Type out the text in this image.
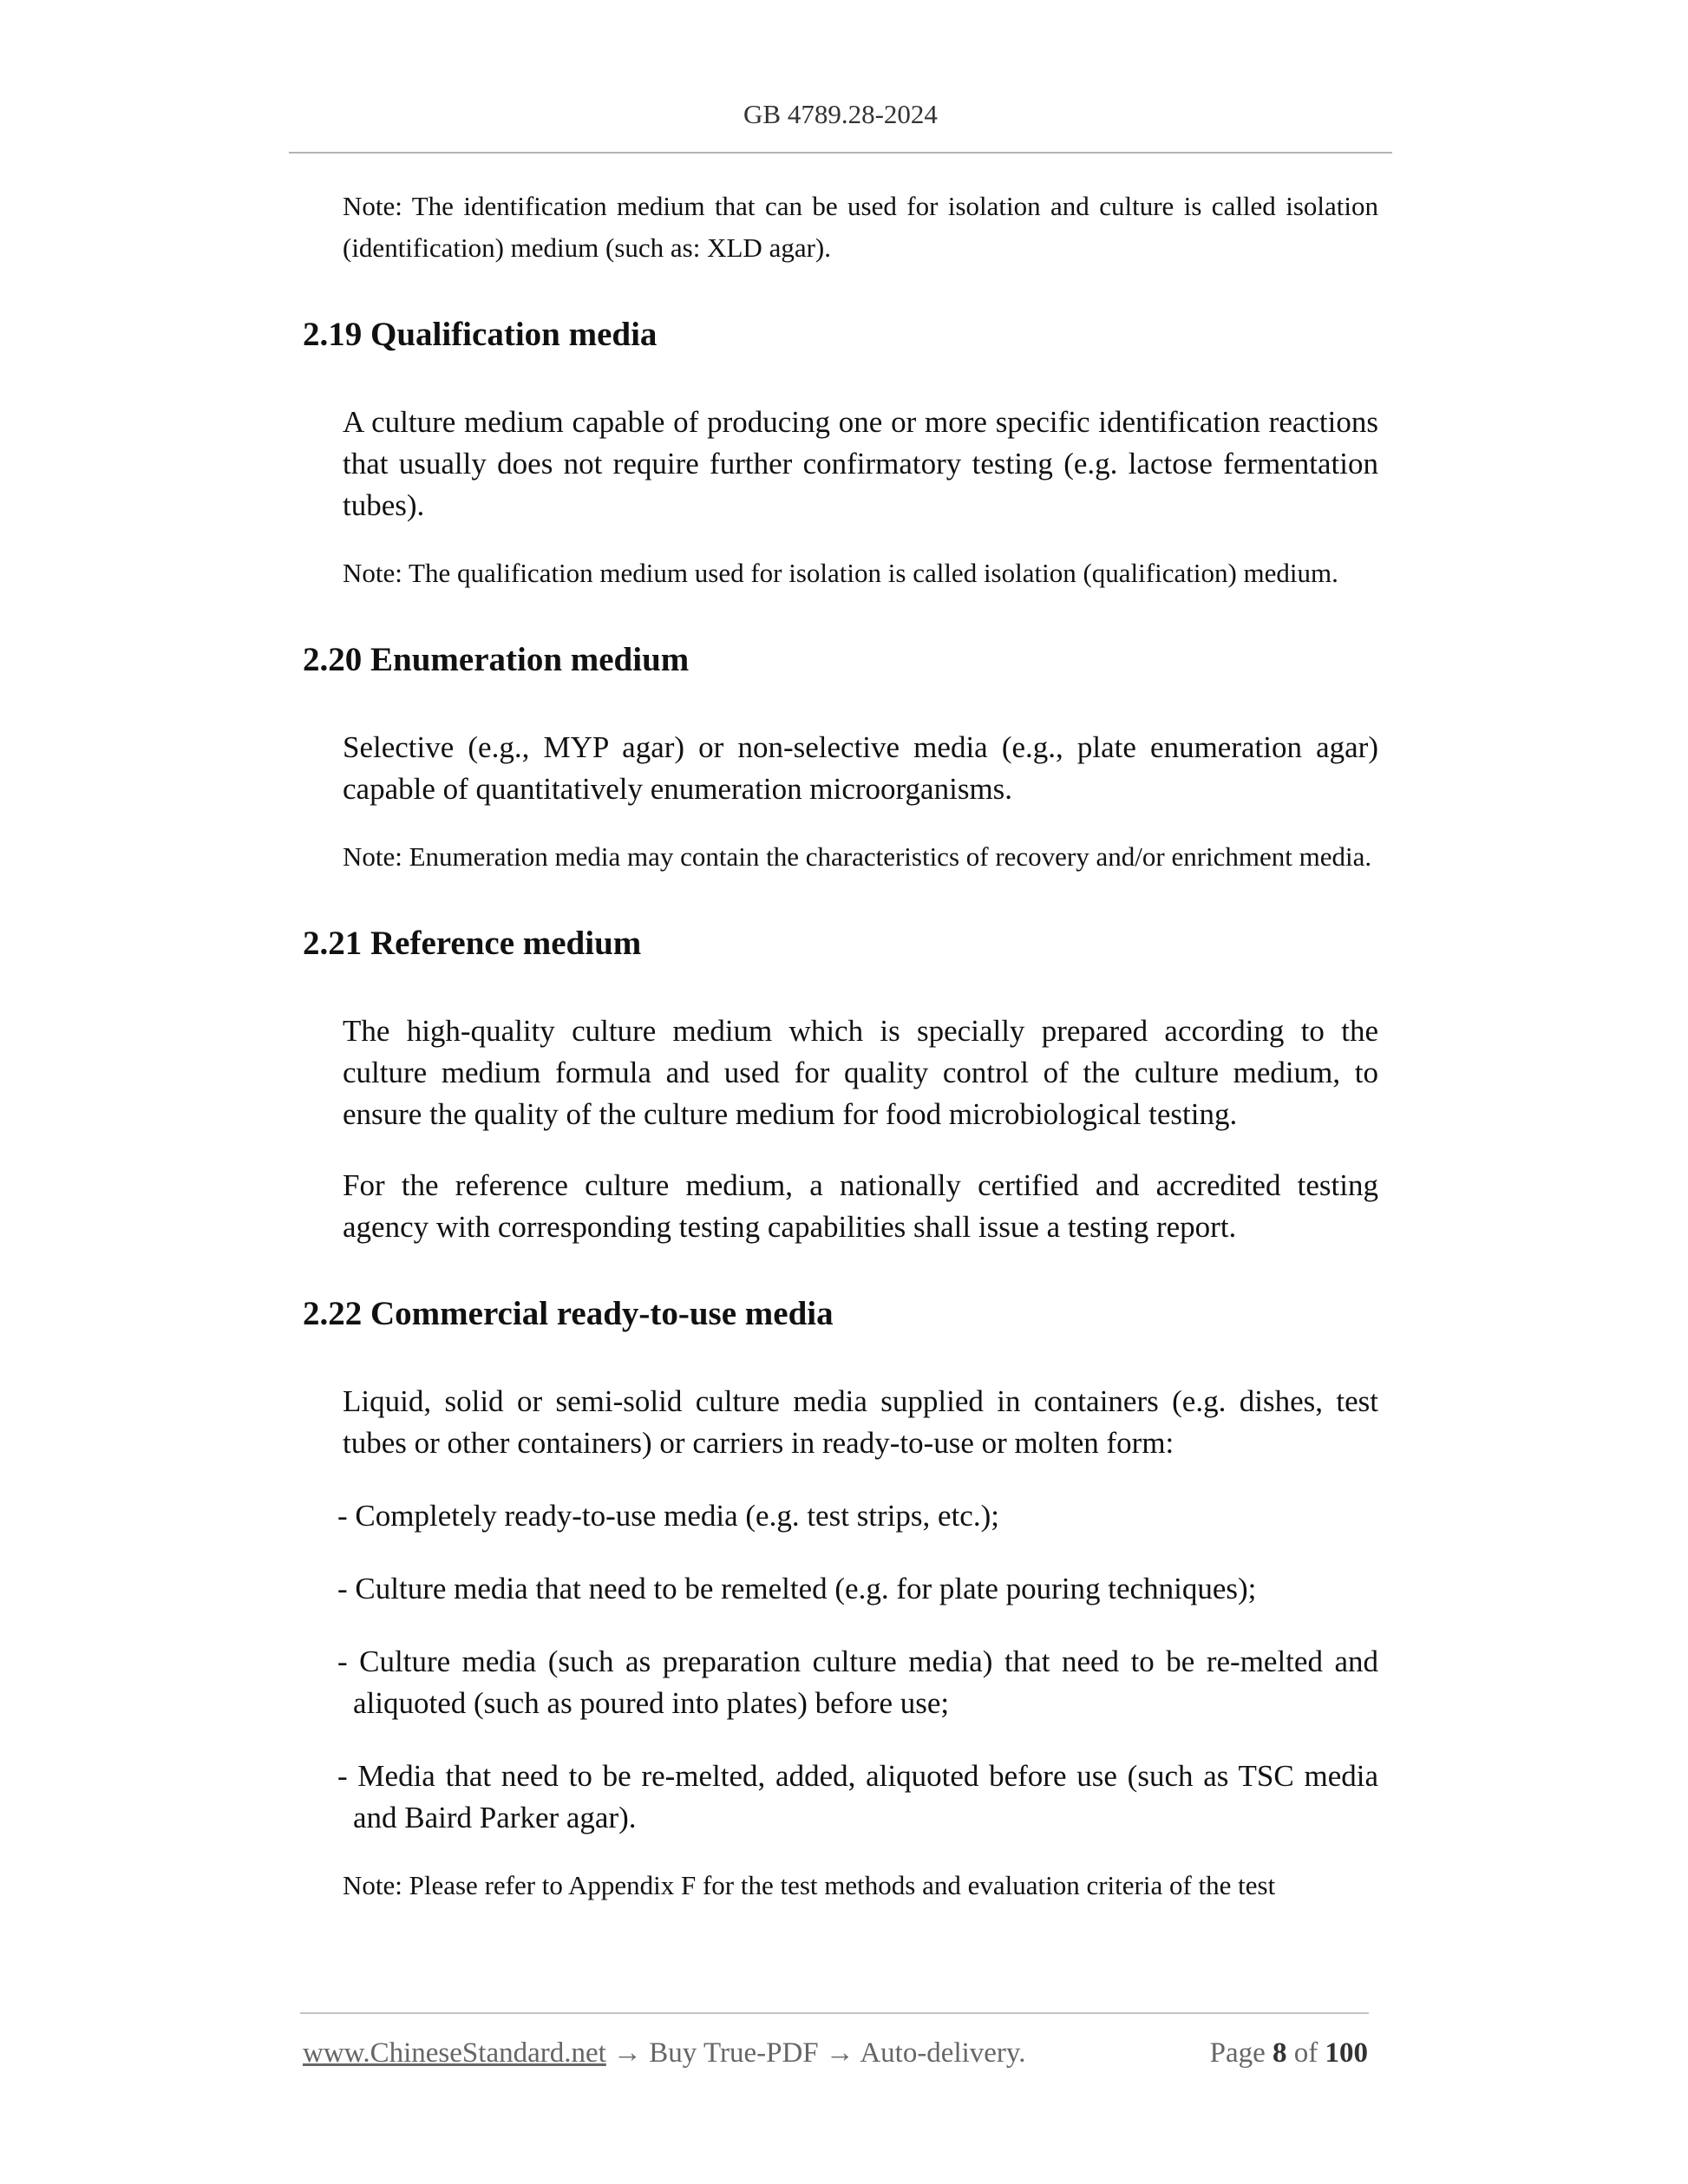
GB 4789.28-2024

Note: The identification medium that can be used for isolation and culture is called isolation (identification) medium (such as: XLD agar).

2.19 Qualification media

A culture medium capable of producing one or more specific identification reactions that usually does not require further confirmatory testing (e.g. lactose fermentation tubes).

Note: The qualification medium used for isolation is called isolation (qualification) medium.

2.20 Enumeration medium

Selective (e.g., MYP agar) or non-selective media (e.g., plate enumeration agar) capable of quantitatively enumeration microorganisms.

Note: Enumeration media may contain the characteristics of recovery and/or enrichment media.

2.21 Reference medium

The high-quality culture medium which is specially prepared according to the culture medium formula and used for quality control of the culture medium, to ensure the quality of the culture medium for food microbiological testing.

For the reference culture medium, a nationally certified and accredited testing agency with corresponding testing capabilities shall issue a testing report.

2.22 Commercial ready-to-use media

Liquid, solid or semi-solid culture media supplied in containers (e.g. dishes, test tubes or other containers) or carriers in ready-to-use or molten form:

- Completely ready-to-use media (e.g. test strips, etc.);

- Culture media that need to be remelted (e.g. for plate pouring techniques);

- Culture media (such as preparation culture media) that need to be re-melted and aliquoted (such as poured into plates) before use;

- Media that need to be re-melted, added, aliquoted before use (such as TSC media and Baird Parker agar).

Note: Please refer to Appendix F for the test methods and evaluation criteria of the test

www.ChineseStandard.net → Buy True-PDF → Auto-delivery.	Page 8 of 100
